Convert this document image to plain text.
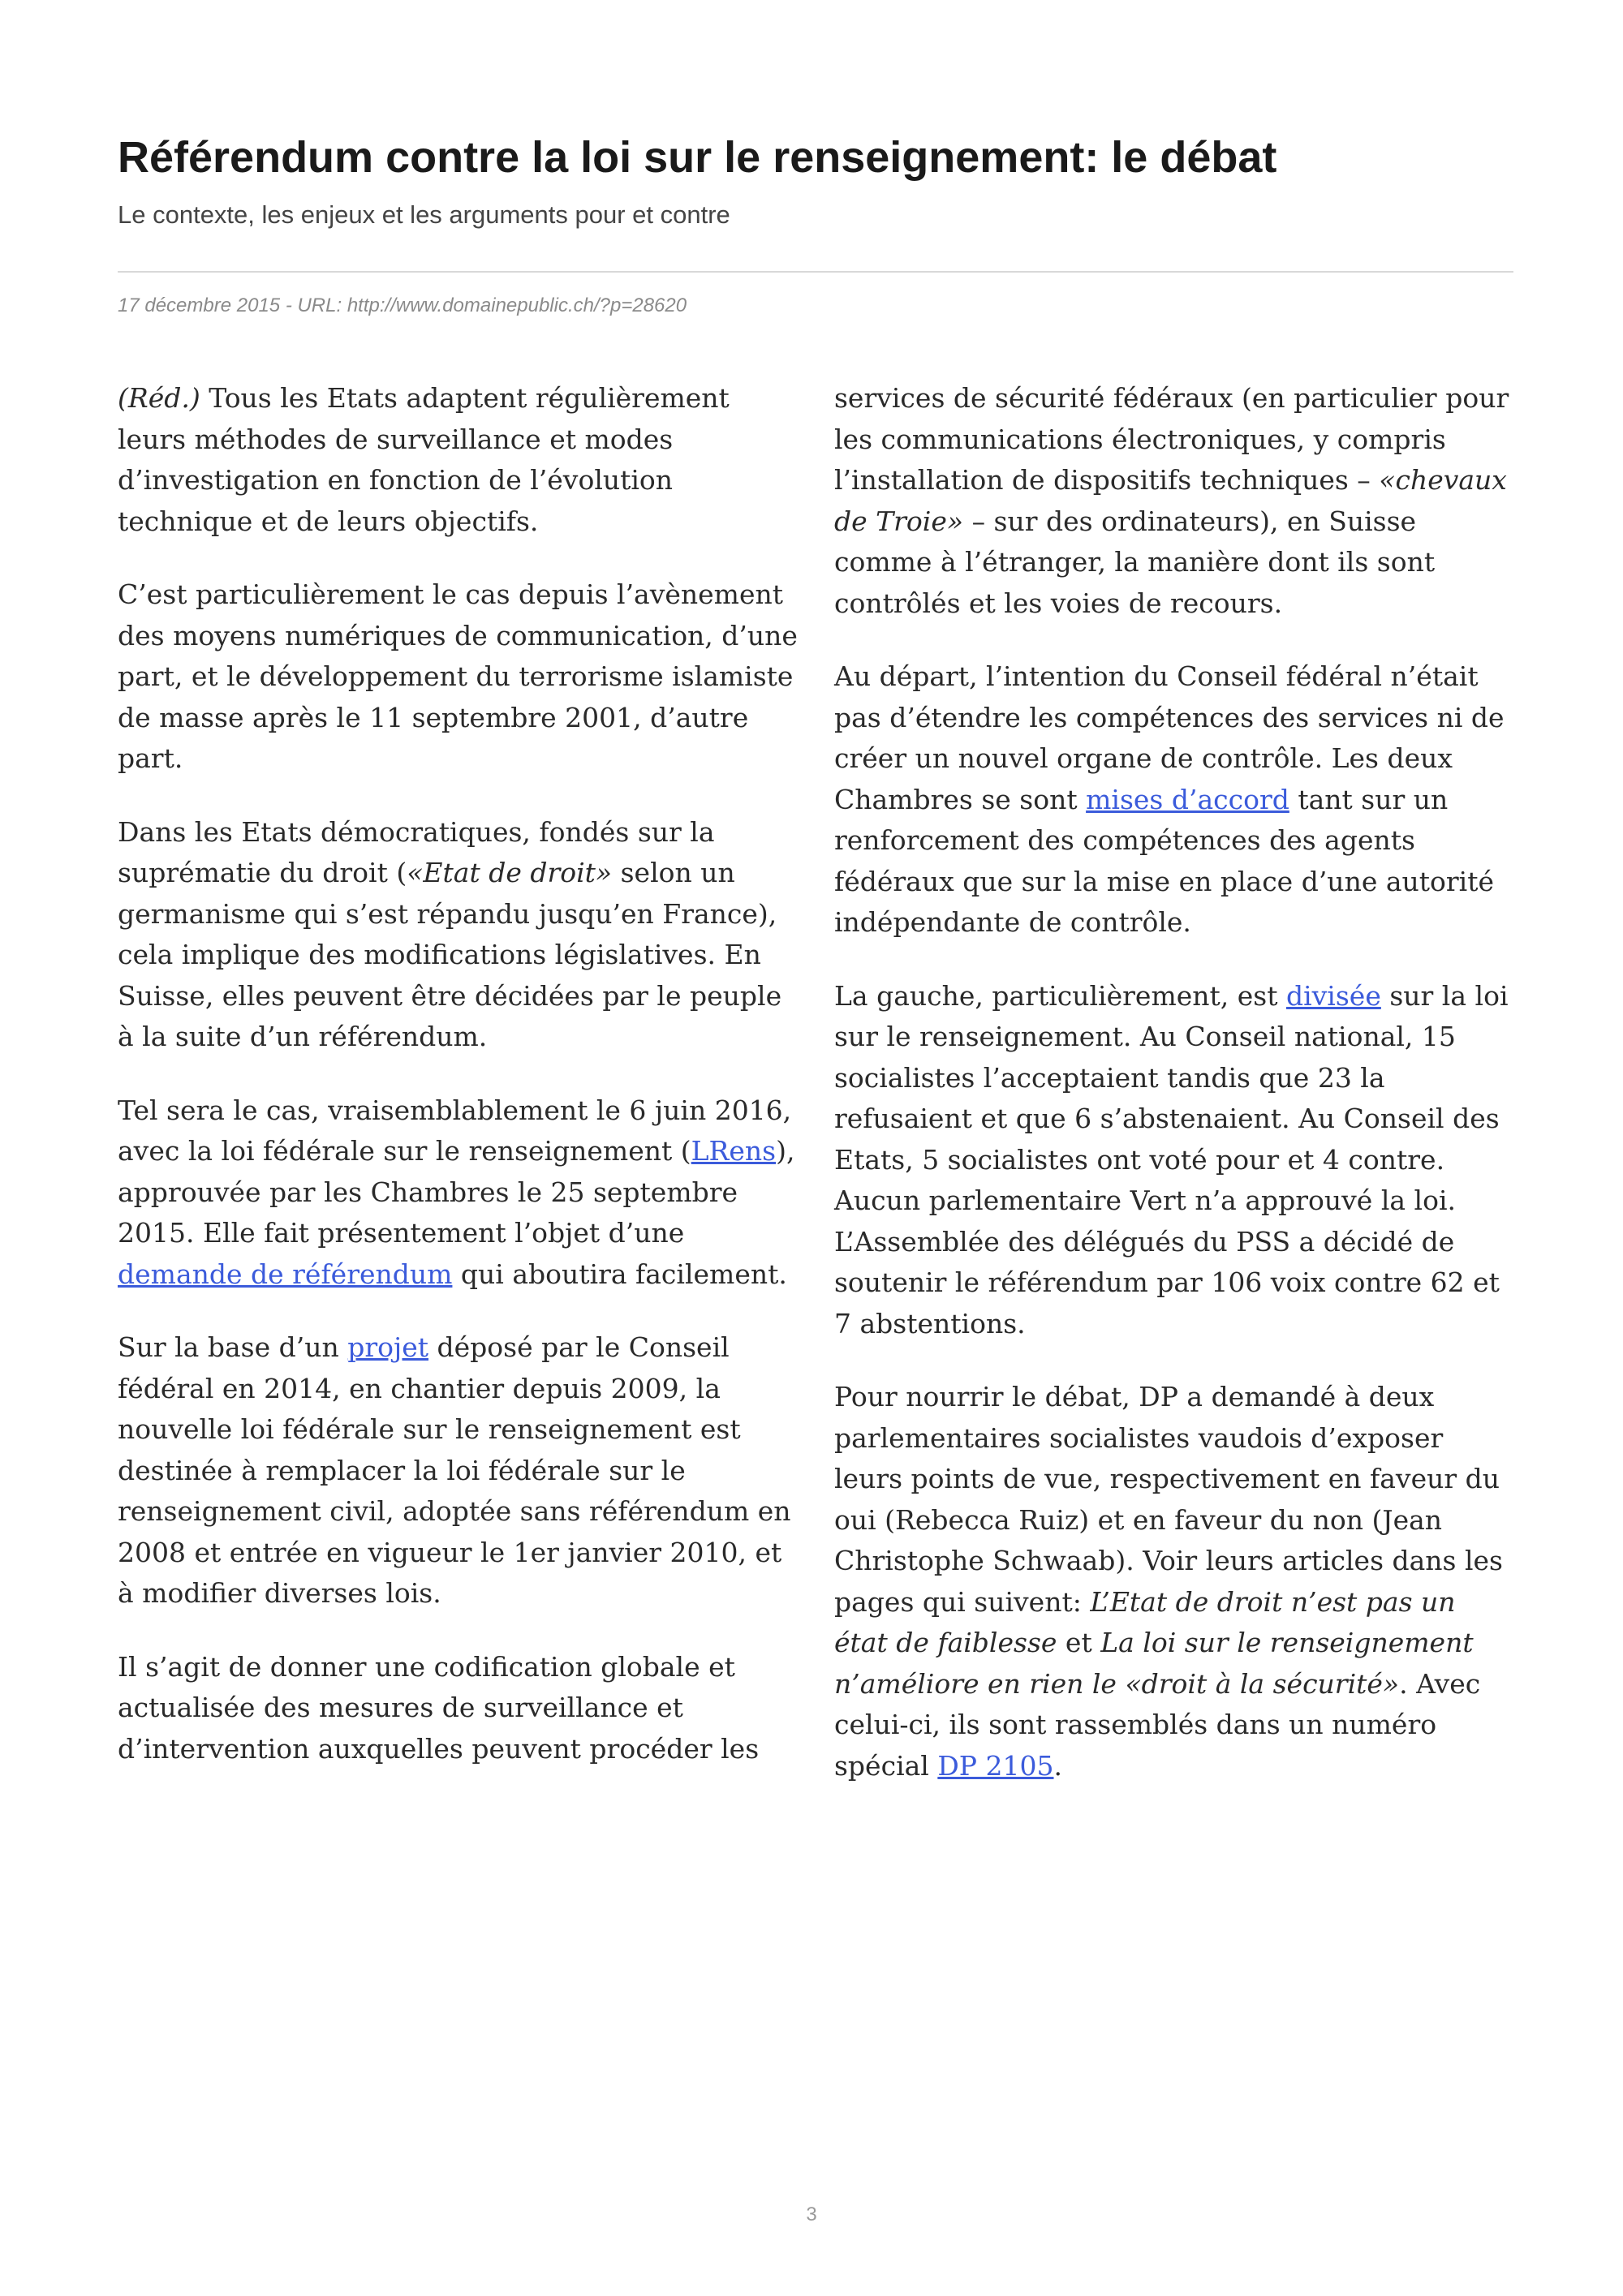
Référendum contre la loi sur le renseignement: le débat

Le contexte, les enjeux et les arguments pour et contre

17 décembre 2015 - URL: http://www.domainepublic.ch/?p=28620

(Réd.) Tous les Etats adaptent régulièrement leurs méthodes de surveillance et modes d’investigation en fonction de l’évolution technique et de leurs objectifs.

C’est particulièrement le cas depuis l’avènement des moyens numériques de communication, d’une part, et le développement du terrorisme islamiste de masse après le 11 septembre 2001, d’autre part.

Dans les Etats démocratiques, fondés sur la suprématie du droit («Etat de droit» selon un germanisme qui s’est répandu jusqu’en France), cela implique des modifications législatives. En Suisse, elles peuvent être décidées par le peuple à la suite d’un référendum.

Tel sera le cas, vraisemblablement le 6 juin 2016, avec la loi fédérale sur le renseignement (LRens), approuvée par les Chambres le 25 septembre 2015. Elle fait présentement l’objet d’une demande de référendum qui aboutira facilement.

Sur la base d’un projet déposé par le Conseil fédéral en 2014, en chantier depuis 2009, la nouvelle loi fédérale sur le renseignement est destinée à remplacer la loi fédérale sur le renseignement civil, adoptée sans référendum en 2008 et entrée en vigueur le 1er janvier 2010, et à modifier diverses lois.

Il s’agit de donner une codification globale et actualisée des mesures de surveillance et d’intervention auxquelles peuvent procéder les

services de sécurité fédéraux (en particulier pour les communications électroniques, y compris l’installation de dispositifs techniques – «chevaux de Troie» – sur des ordinateurs), en Suisse comme à l’étranger, la manière dont ils sont contrôlés et les voies de recours.

Au départ, l’intention du Conseil fédéral n’était pas d’étendre les compétences des services ni de créer un nouvel organe de contrôle. Les deux Chambres se sont mises d’accord tant sur un renforcement des compétences des agents fédéraux que sur la mise en place d’une autorité indépendante de contrôle.

La gauche, particulièrement, est divisée sur la loi sur le renseignement. Au Conseil national, 15 socialistes l’acceptaient tandis que 23 la refusaient et que 6 s’abstenaient. Au Conseil des Etats, 5 socialistes ont voté pour et 4 contre. Aucun parlementaire Vert n’a approuvé la loi. L’Assemblée des délégués du PSS a décidé de soutenir le référendum par 106 voix contre 62 et 7 abstentions.

Pour nourrir le débat, DP a demandé à deux parlementaires socialistes vaudois d’exposer leurs points de vue, respectivement en faveur du oui (Rebecca Ruiz) et en faveur du non (Jean Christophe Schwaab). Voir leurs articles dans les pages qui suivent: L’Etat de droit n’est pas un état de faiblesse et La loi sur le renseignement n’améliore en rien le «droit à la sécurité». Avec celui-ci, ils sont rassemblés dans un numéro spécial DP 2105.

3
